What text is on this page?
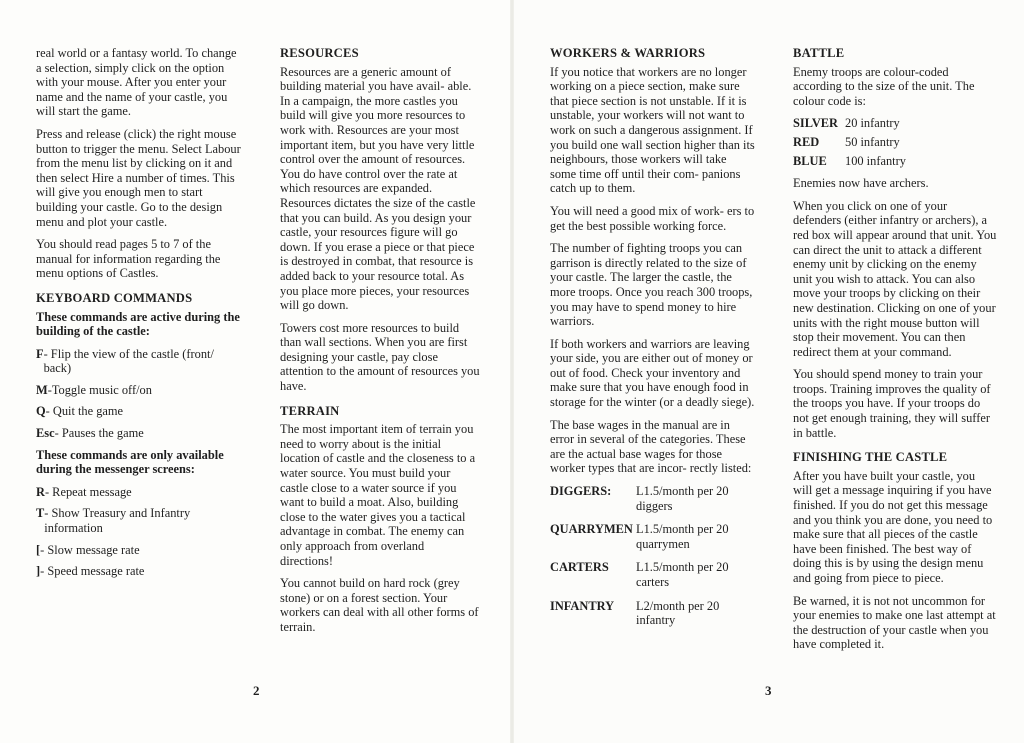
real world or a fantasy world. To change a selection, simply click on the option with your mouse. After you enter your name and the name of your castle, you will start the game.

Press and release (click) the right mouse button to trigger the menu. Select Labour from the menu list by clicking on it and then select Hire a number of times. This will give you enough men to start building your castle. Go to the design menu and plot your castle.

You should read pages 5 to 7 of the manual for information regarding the menu options of Castles.

KEYBOARD COMMANDS

These commands are active during the building of the castle:

F - Flip the view of the castle (front/ back)
M -Toggle music off/on
Q - Quit the game
Esc - Pauses the game

These commands are only available during the messenger screens:

R - Repeat message
T - Show Treasury and Infantry information
[ - Slow message rate
] - Speed message rate
RESOURCES

Resources are a generic amount of building material you have avail- able. In a campaign, the more castles you build will give you more resources to work with. Resources are your most important item, but you have very little control over the amount of resources. You do have control over the rate at which resources are expanded. Resources dictates the size of the castle that you can build. As you design your castle, your resources figure will go down. If you erase a piece or that piece is destroyed in combat, that resource is added back to your resource total. As you place more pieces, your resources will go down.

Towers cost more resources to build than wall sections. When you are first designing your castle, pay close attention to the amount of resources you have.

TERRAIN

The most important item of terrain you need to worry about is the initial location of castle and the closeness to a water source. You must build your castle close to a water source if you want to build a moat. Also, building close to the water gives you a tactical advantage in combat. The enemy can only approach from overland directions!

You cannot build on hard rock (grey stone) or on a forest section. Your workers can deal with all other forms of terrain.

WORKERS & WARRIORS

If you notice that workers are no longer working on a piece section, make sure that piece section is not unstable. If it is unstable, your workers will not want to work on such a dangerous assignment. If you build one wall section higher than its neighbours, those workers will take some time off until their com- panions catch up to them.

You will need a good mix of work- ers to get the best possible working force.

The number of fighting troops you can garrison is directly related to the size of your castle. The larger the castle, the more troops. Once you reach 300 troops, you may have to spend money to hire warriors.

If both workers and warriors are leaving your side, you are either out of money or out of food. Check your inventory and make sure that you have enough food in storage for the winter (or a deadly siege).

The base wages in the manual are in error in several of the categories. These are the actual base wages for those worker types that are incor- rectly listed:

DIGGERS:	L1.5/month per 20 diggers
QUARRYMEN L1.5/month per 20 quarrymen
CARTERS	L1.5/month per 20 carters
INFANTRY	L2/month per 20 infantry
BATTLE

Enemy troops are colour-coded according to the size of the unit. The colour code is:

SILVER 20 infantry
RED	50 infantry
BLUE	100 infantry

Enemies now have archers.

When you click on one of your defenders (either infantry or archers), a red box will appear around that unit. You can direct the unit to attack a different enemy unit by clicking on the enemy unit you wish to attack. You can also move your troops by clicking on their new destination. Clicking on one of your units with the right mouse button will stop their movement. You can then redirect them at your command.

You should spend money to train your troops. Training improves the quality of the troops you have. If your troops do not get enough training, they will suffer in battle.

FINISHING THE CASTLE

After you have built your castle, you will get a message inquiring if you have finished. If you do not get this message and you think you are done, you need to make sure that all pieces of the castle have been finished. The best way of doing this is by using the design menu and going from piece to piece.

Be warned, it is not not uncommon for your enemies to make one last attempt at the destruction of your castle when you have completed it.

2	3
